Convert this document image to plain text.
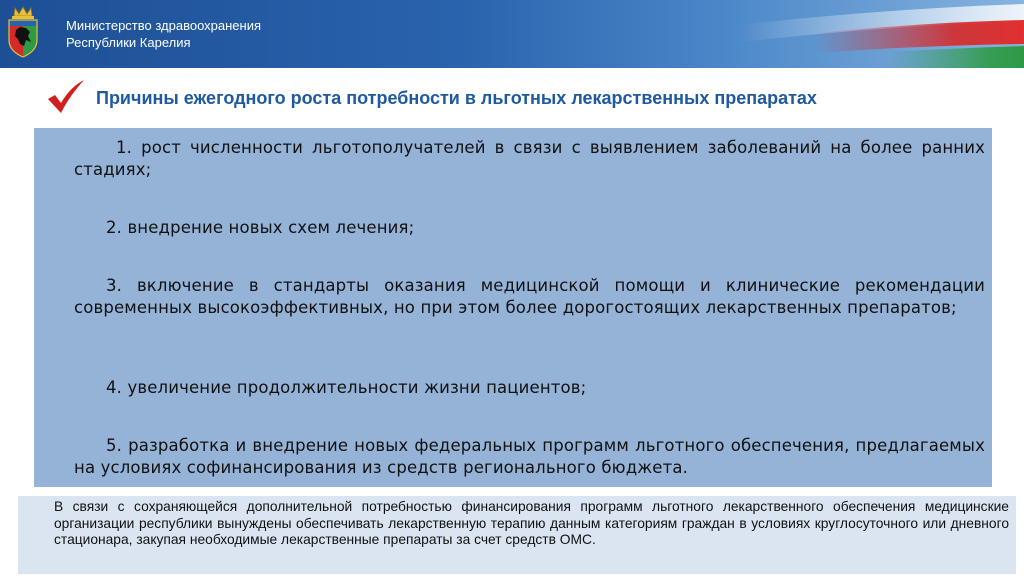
Министерство здравоохранения
Республики Карелия
Причины ежегодного роста потребности в льготных лекарственных препаратах
1. рост численности льготополучателей в связи с выявлением заболеваний на более ранних стадиях;
2. внедрение новых схем лечения;
3. включение в стандарты оказания медицинской помощи и клинические рекомендации современных высокоэффективных, но при этом более дорогостоящих лекарственных препаратов;
4. увеличение продолжительности жизни пациентов;
5. разработка и внедрение новых федеральных программ льготного обеспечения, предлагаемых на условиях софинансирования из средств регионального бюджета.
В связи с сохраняющейся дополнительной потребностью финансирования программ льготного лекарственного обеспечения медицинские организации республики вынуждены обеспечивать лекарственную терапию данным категориям граждан в условиях круглосуточного или дневного стационара, закупая необходимые лекарственные препараты за счет средств ОМС.
